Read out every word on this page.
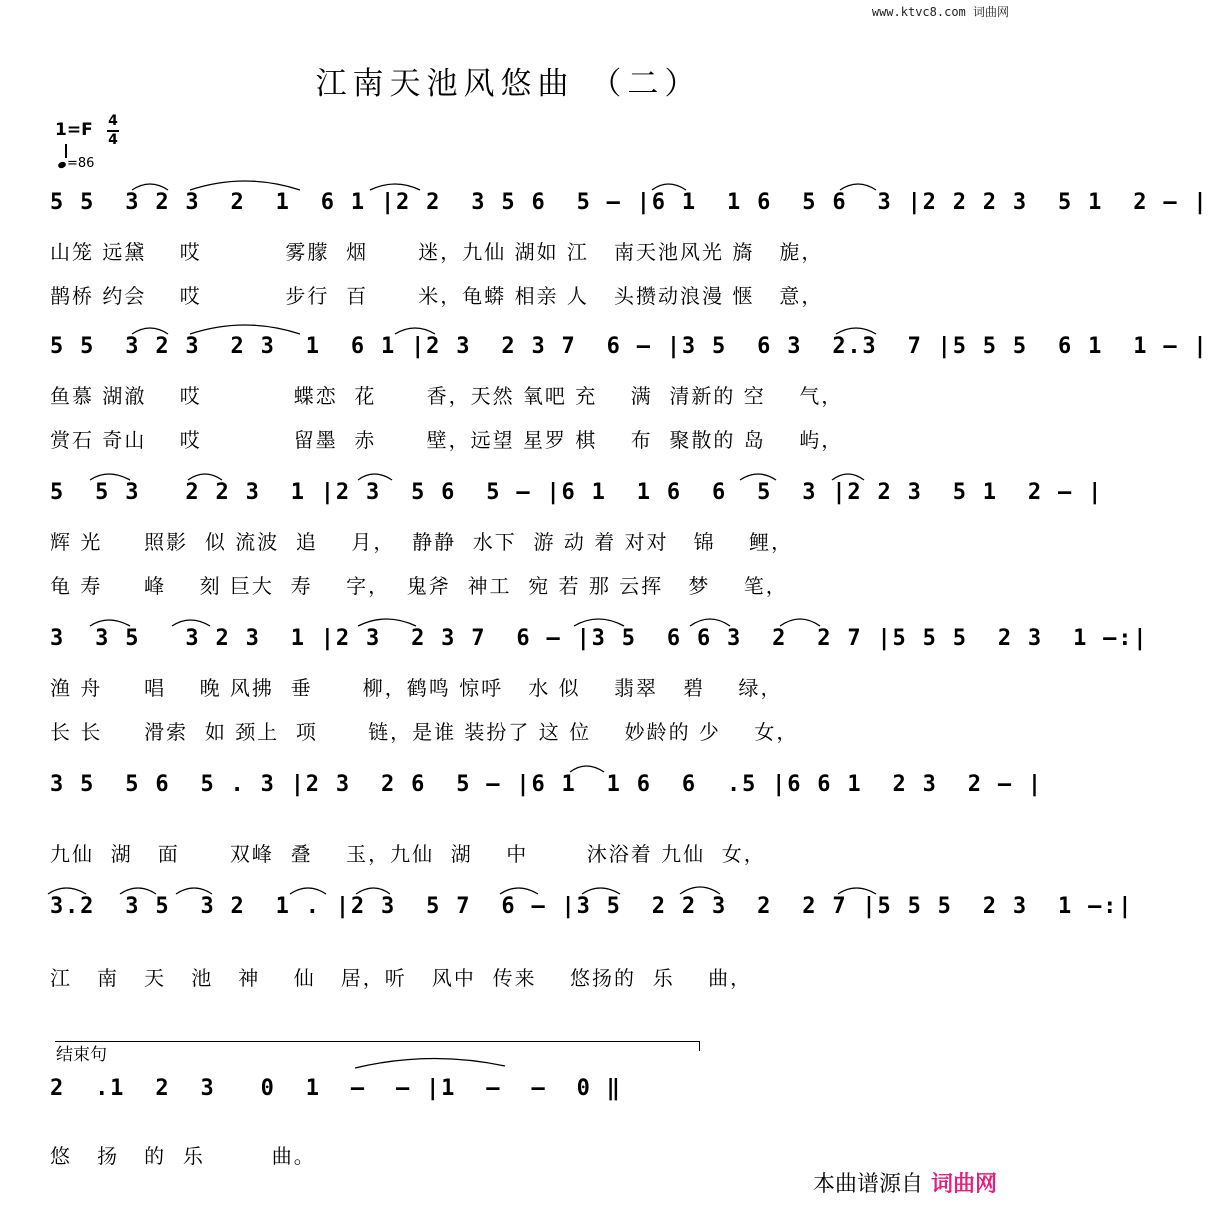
www.ktvc8.com 词曲网
江南天池风悠曲 （二）
1=F 4
4
=86
5 5  3 2 3  2  1  6 1 |2 2  3 5 6  5 — |6 1  1 6  5 6  3 |2 2 2 3  5 1  2 — |
山笼 远黛    哎          雾朦  烟      迷，九仙 湖如 江   南天池风光 旖   旎，
鹊桥 约会    哎          步行  百      米，龟蟒 相亲 人   头攒动浪漫 惬   意，
5 5  3 2 3  2 3  1  6 1 |2 3  2 3 7  6 — |3 5  6 3  2.3  7 |5 5 5  6 1  1 — |
鱼慕 湖澈    哎           蝶恋  花      香，天然 氧吧 充    满  清新的 空    气，
赏石 奇山    哎           留墨  赤      壁，远望 星罗 棋    布  聚散的 岛    屿，
5  5 3   2 2 3  1 |2 3  5 6  5 — |6 1  1 6  6  5  3 |2 2 3  5 1  2 — |
辉 光     照影  似 流波  追    月，  静静  水下  游 动 着 对对   锦    鲤，
龟 寿     峰    刻 巨大  寿    字，  鬼斧  神工  宛 若 那 云挥   梦    笔，
3  3 5   3 2 3  1 |2 3  2 3 7  6 — |3 5  6 6 3  2  2 7 |5 5 5  2 3  1 —:|
渔 舟     唱    晚 风拂  垂      柳，鹤鸣 惊呼   水 似    翡翠   碧    绿，
长 长     滑索  如 颈上  项      链，是谁 装扮了 这 位    妙龄的 少    女，
3 5  5 6  5 . 3 |2 3  2 6  5 — |6 1  1 6  6  .5 |6 6 1  2 3  2 — |
九仙  湖   面      双峰  叠    玉，九仙  湖    中       沐浴着 九仙  女，
3.2  3 5  3 2  1 . |2 3  5 7  6 — |3 5  2 2 3  2  2 7 |5 5 5  2 3  1 —:|
江   南   天   池   神    仙   居，听   风中  传来    悠扬的  乐    曲，
结束句
2  .1  2  3   0  1  —  — |1  —  —  0 ‖
悠   扬   的  乐        曲。
本曲谱源自 词曲网
